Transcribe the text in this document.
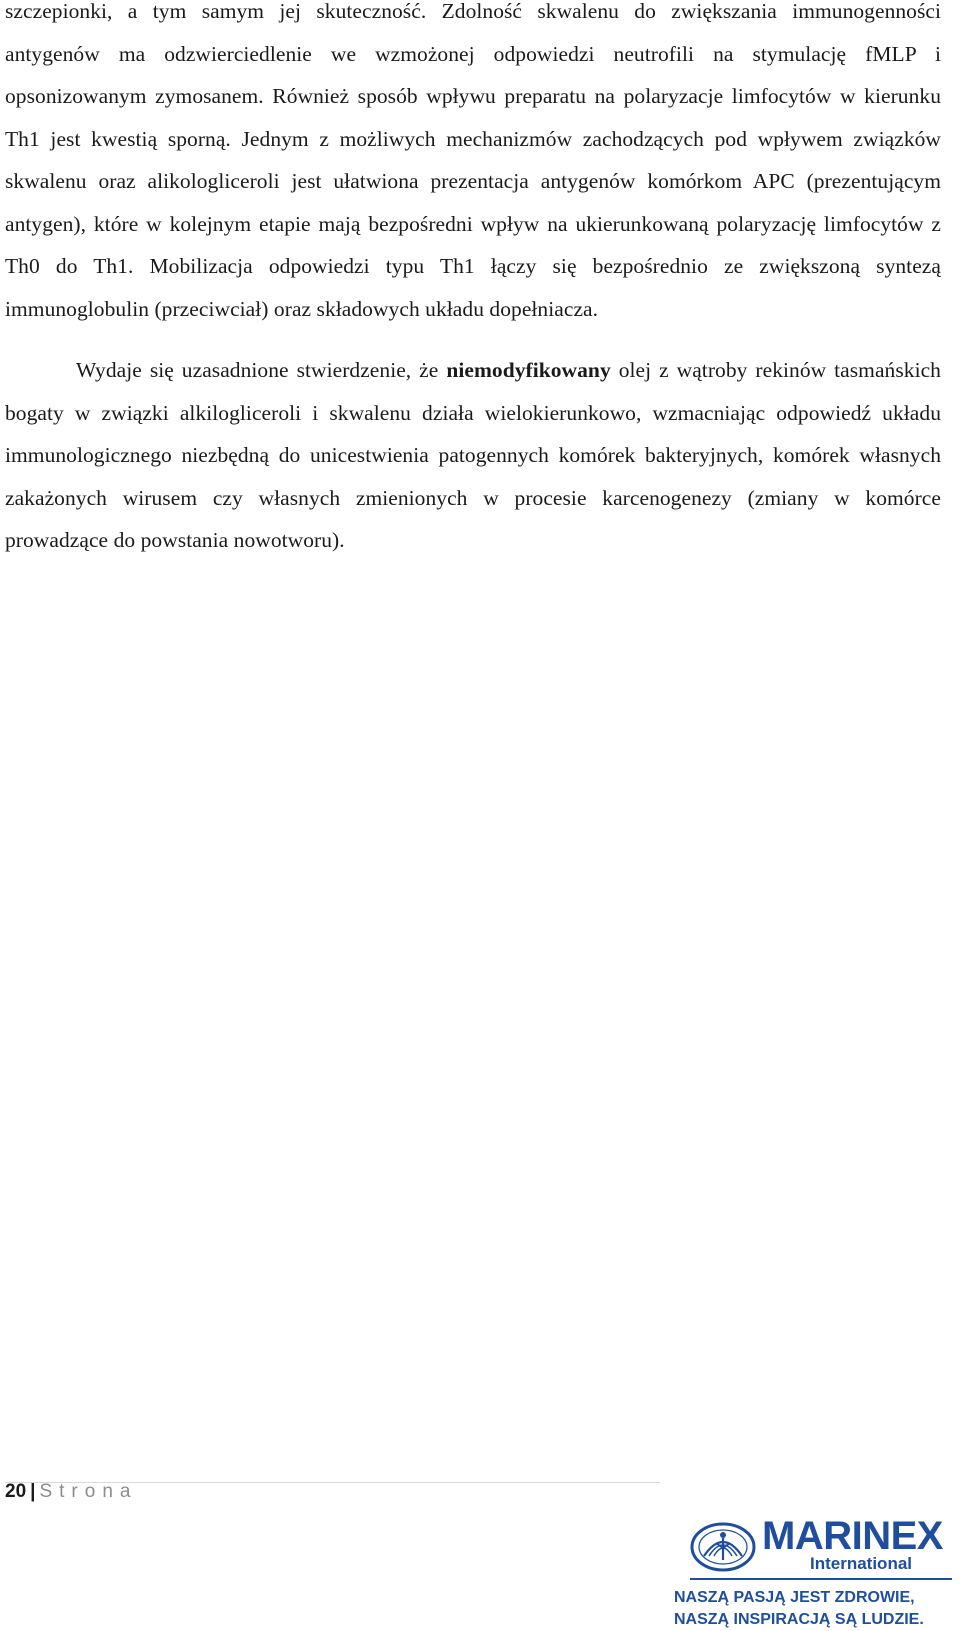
szczepionki, a tym samym jej skuteczność. Zdolność skwalenu do zwiększania immunogenności antygenów ma odzwierciedlenie we wzmożonej odpowiedzi neutrofili na stymulację fMLP i opsonizowanym zymosanem. Również sposób wpływu preparatu na polaryzacje limfocytów w kierunku Th1 jest kwestią sporną. Jednym z możliwych mechanizmów zachodzących pod wpływem związków skwalenu oraz alikologliceroli jest ułatwiona prezentacja antygenów komórkom APC (prezentującym antygen), które w kolejnym etapie mają bezpośredni wpływ na ukierunkowaną polaryzację limfocytów z Th0 do Th1. Mobilizacja odpowiedzi typu Th1 łączy się bezpośrednio ze zwiększoną syntezą immunoglobulin (przeciwciał) oraz składowych układu dopełniacza.

Wydaje się uzasadnione stwierdzenie, że niemodyfikowany olej z wątroby rekinów tasmańskich bogaty w związki alkilogliceroli i skwalenu działa wielokierunkowo, wzmacniając odpowiedź układu immunologicznego niezbędną do unicestwienia patogennych komórek bakteryjnych, komórek własnych zakażonych wirusem czy własnych zmienionych w procesie karcenogenezy (zmiany w komórce prowadzące do powstania nowotworu).

20 | Strona
MARINEX
International
NASZĄ PASJĄ JEST ZDROWIE,
NASZĄ INSPIRACJĄ SĄ LUDZIE.
